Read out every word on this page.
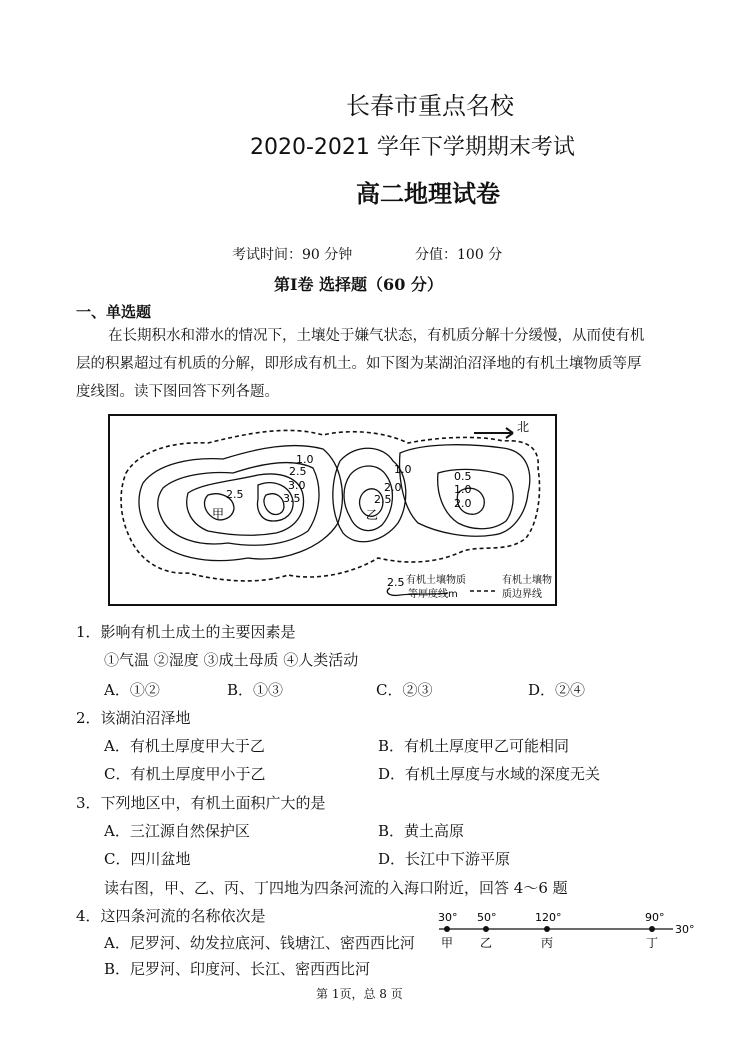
长春市重点名校
2020-2021 学年下学期期末考试
高二地理试卷
考试时间：90 分钟	分值：100 分
第Ⅰ卷 选择题（60 分）
一、单选题
在长期积水和滞水的情况下，土壤处于嫌气状态，有机质分解十分缓慢，从而使有机
层的积累超过有机质的分解，即形成有机土。如下图为某湖泊沼泽地的有机土壤物质等厚
度线图。读下图回答下列各题。
北
1.0
2.5
3.0
3.5
2.5
甲
1.0
2.0
2.5
乙
0.5
1.0
2.0
2.5 有机土壤物质
等厚度线m
有机土壤物
质边界线
1．影响有机土成土的主要因素是
①气温 ②湿度 ③成土母质 ④人类活动
A．①②	B．①③	C．②③	D．②④
2．该湖泊沼泽地
A．有机土厚度甲大于乙	B．有机土厚度甲乙可能相同
C．有机土厚度甲小于乙	D．有机土厚度与水域的深度无关
3．下列地区中，有机土面积广大的是
A．三江源自然保护区	B．黄土高原
C．四川盆地	D．长江中下游平原
读右图，甲、乙、丙、丁四地为四条河流的入海口附近，回答 4～6 题
4．这四条河流的名称依次是
A．尼罗河、幼发拉底河、钱塘江、密西西比河
B．尼罗河、印度河、长江、密西西比河
30° 50°	120°	90°
甲 乙	丙	丁
30°
第 1页，总 8 页
